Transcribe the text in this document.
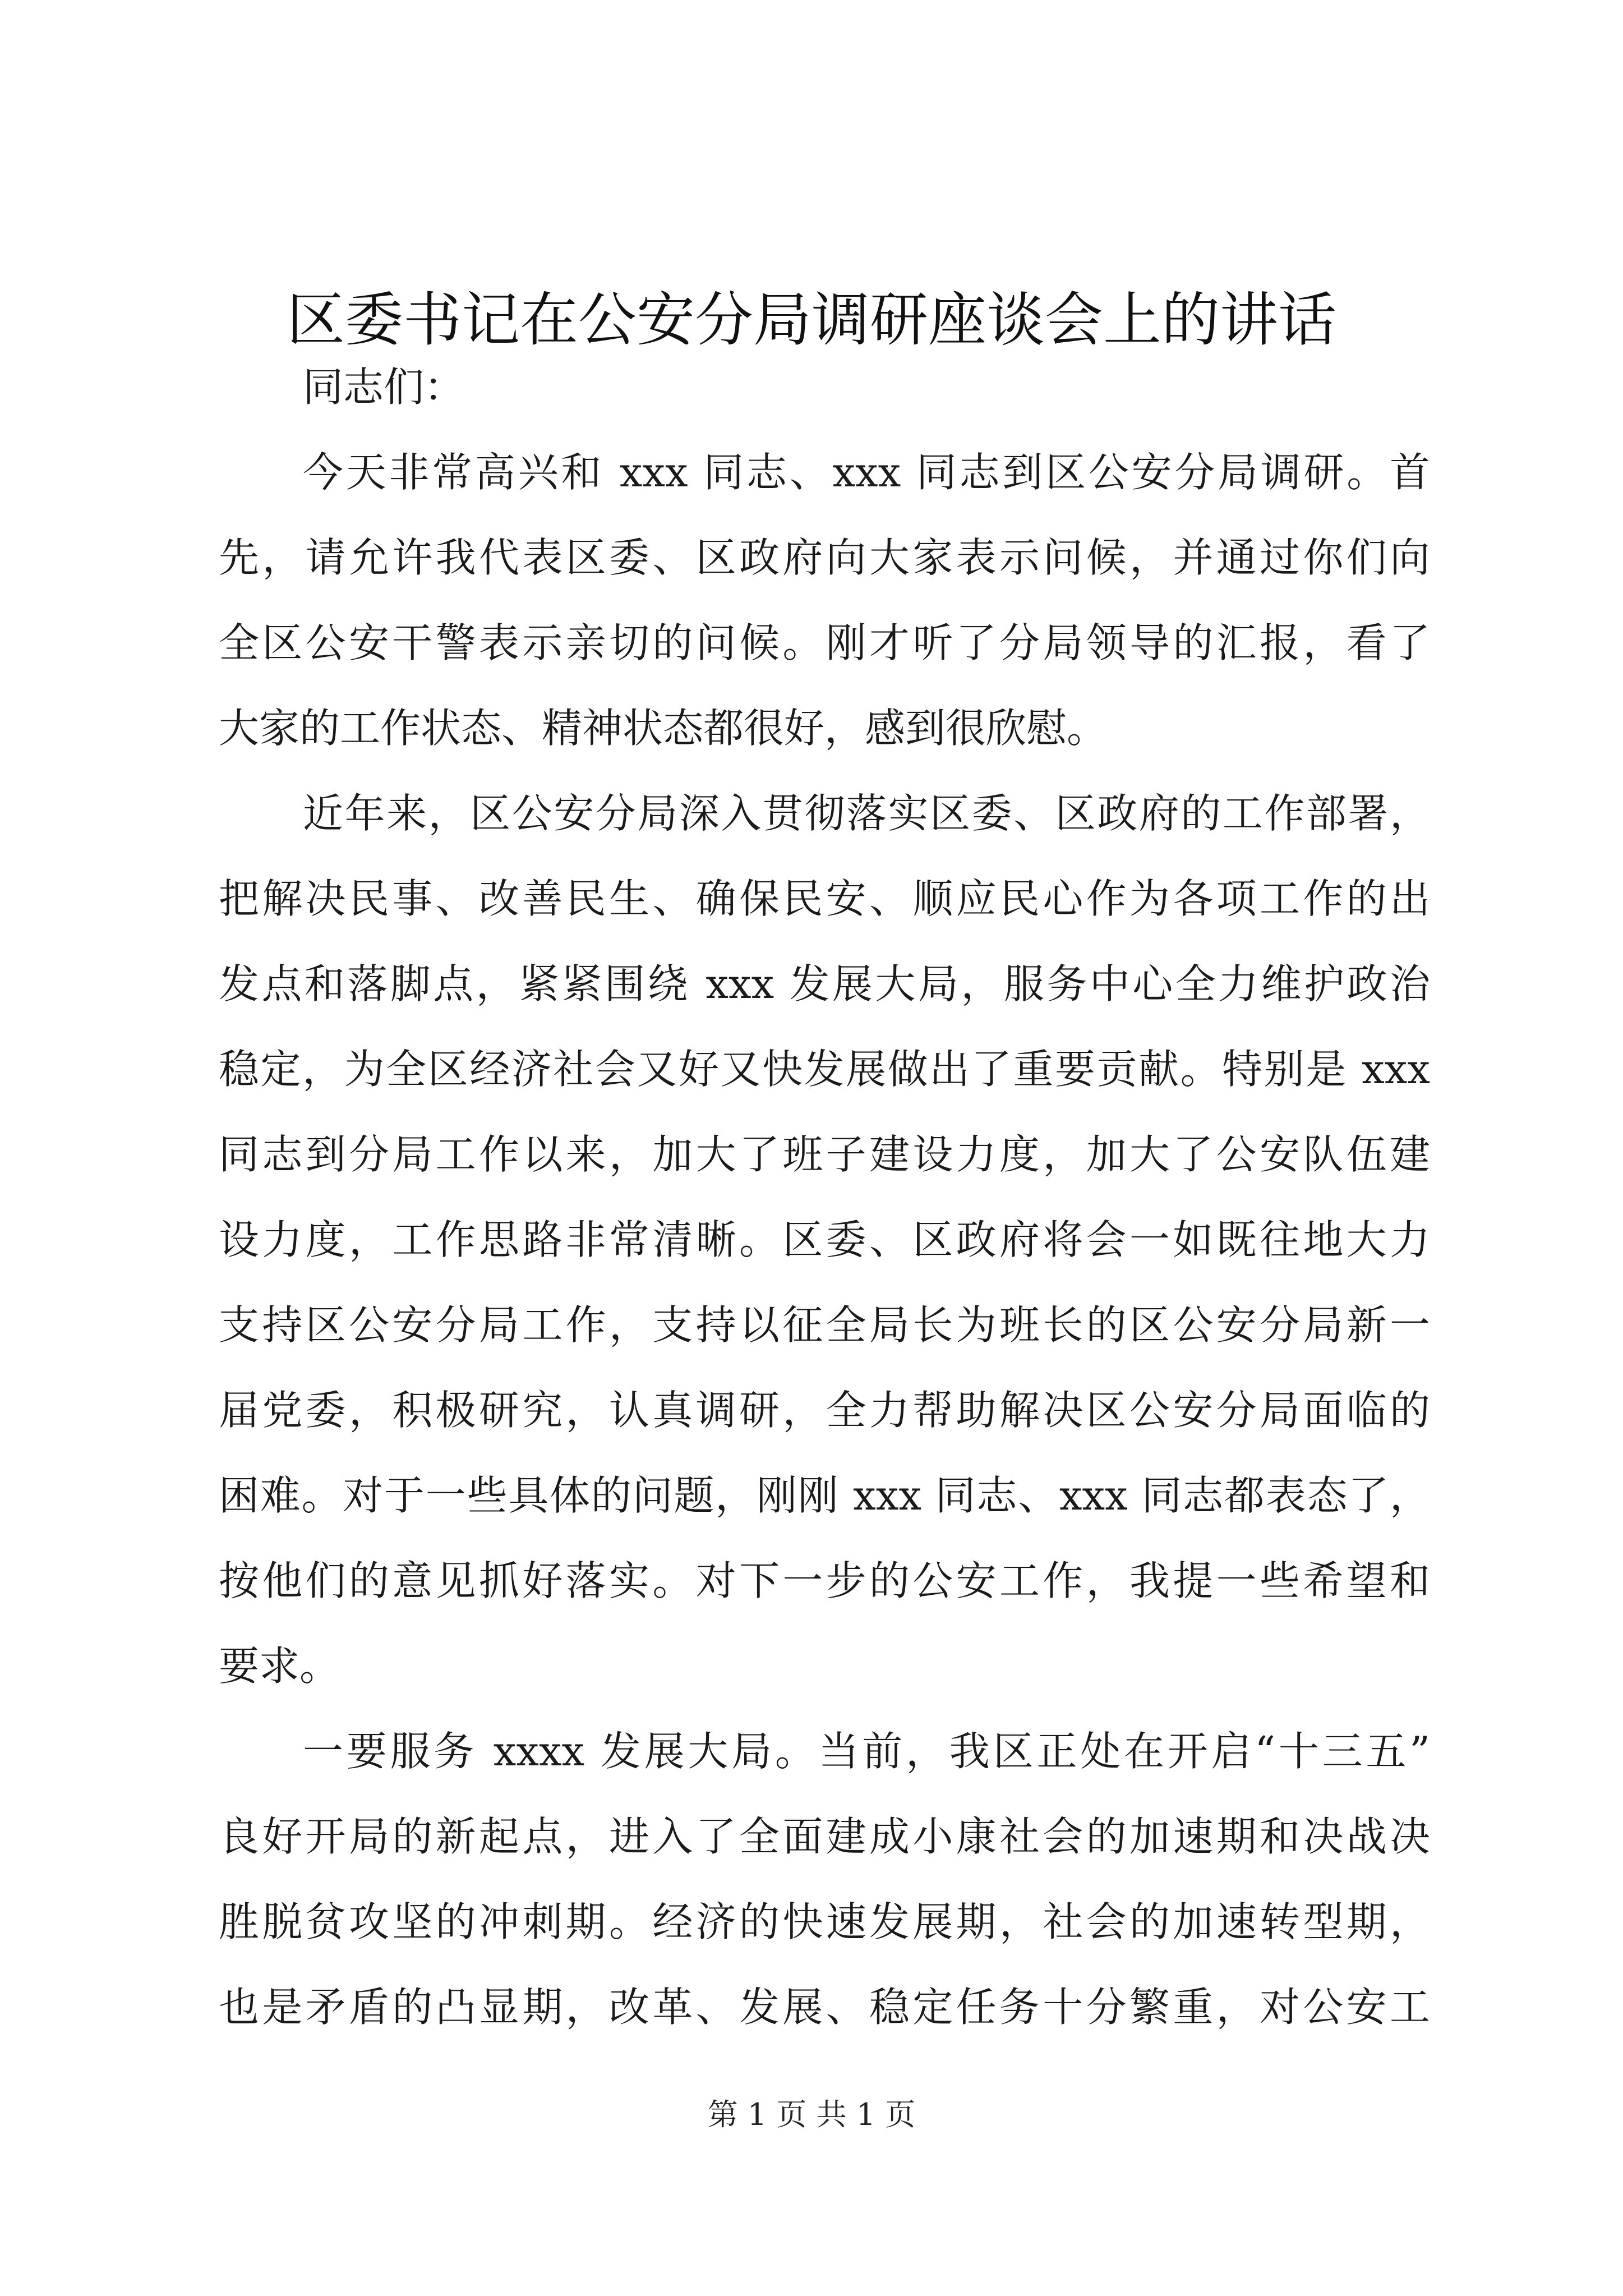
区委书记在公安分局调研座谈会上的讲话
同志们：
今天非常高兴和 xxx 同志、xxx 同志到区公安分局调研。首
先，请允许我代表区委、区政府向大家表示问候，并通过你们向
全区公安干警表示亲切的问候。刚才听了分局领导的汇报，看了
大家的工作状态、精神状态都很好，感到很欣慰。
近年来，区公安分局深入贯彻落实区委、区政府的工作部署，
把解决民事、改善民生、确保民安、顺应民心作为各项工作的出
发点和落脚点，紧紧围绕 xxx 发展大局，服务中心全力维护政治
稳定，为全区经济社会又好又快发展做出了重要贡献。特别是 xxx
同志到分局工作以来，加大了班子建设力度，加大了公安队伍建
设力度，工作思路非常清晰。区委、区政府将会一如既往地大力
支持区公安分局工作，支持以征全局长为班长的区公安分局新一
届党委，积极研究，认真调研，全力帮助解决区公安分局面临的
困难。对于一些具体的问题，刚刚 xxx 同志、xxx 同志都表态了，
按他们的意见抓好落实。对下一步的公安工作，我提一些希望和
要求。
一要服务 xxxx 发展大局。当前，我区正处在开启“十三五”
良好开局的新起点，进入了全面建成小康社会的加速期和决战决
胜脱贫攻坚的冲刺期。经济的快速发展期，社会的加速转型期，
也是矛盾的凸显期，改革、发展、稳定任务十分繁重，对公安工
第 1 页 共 1 页
